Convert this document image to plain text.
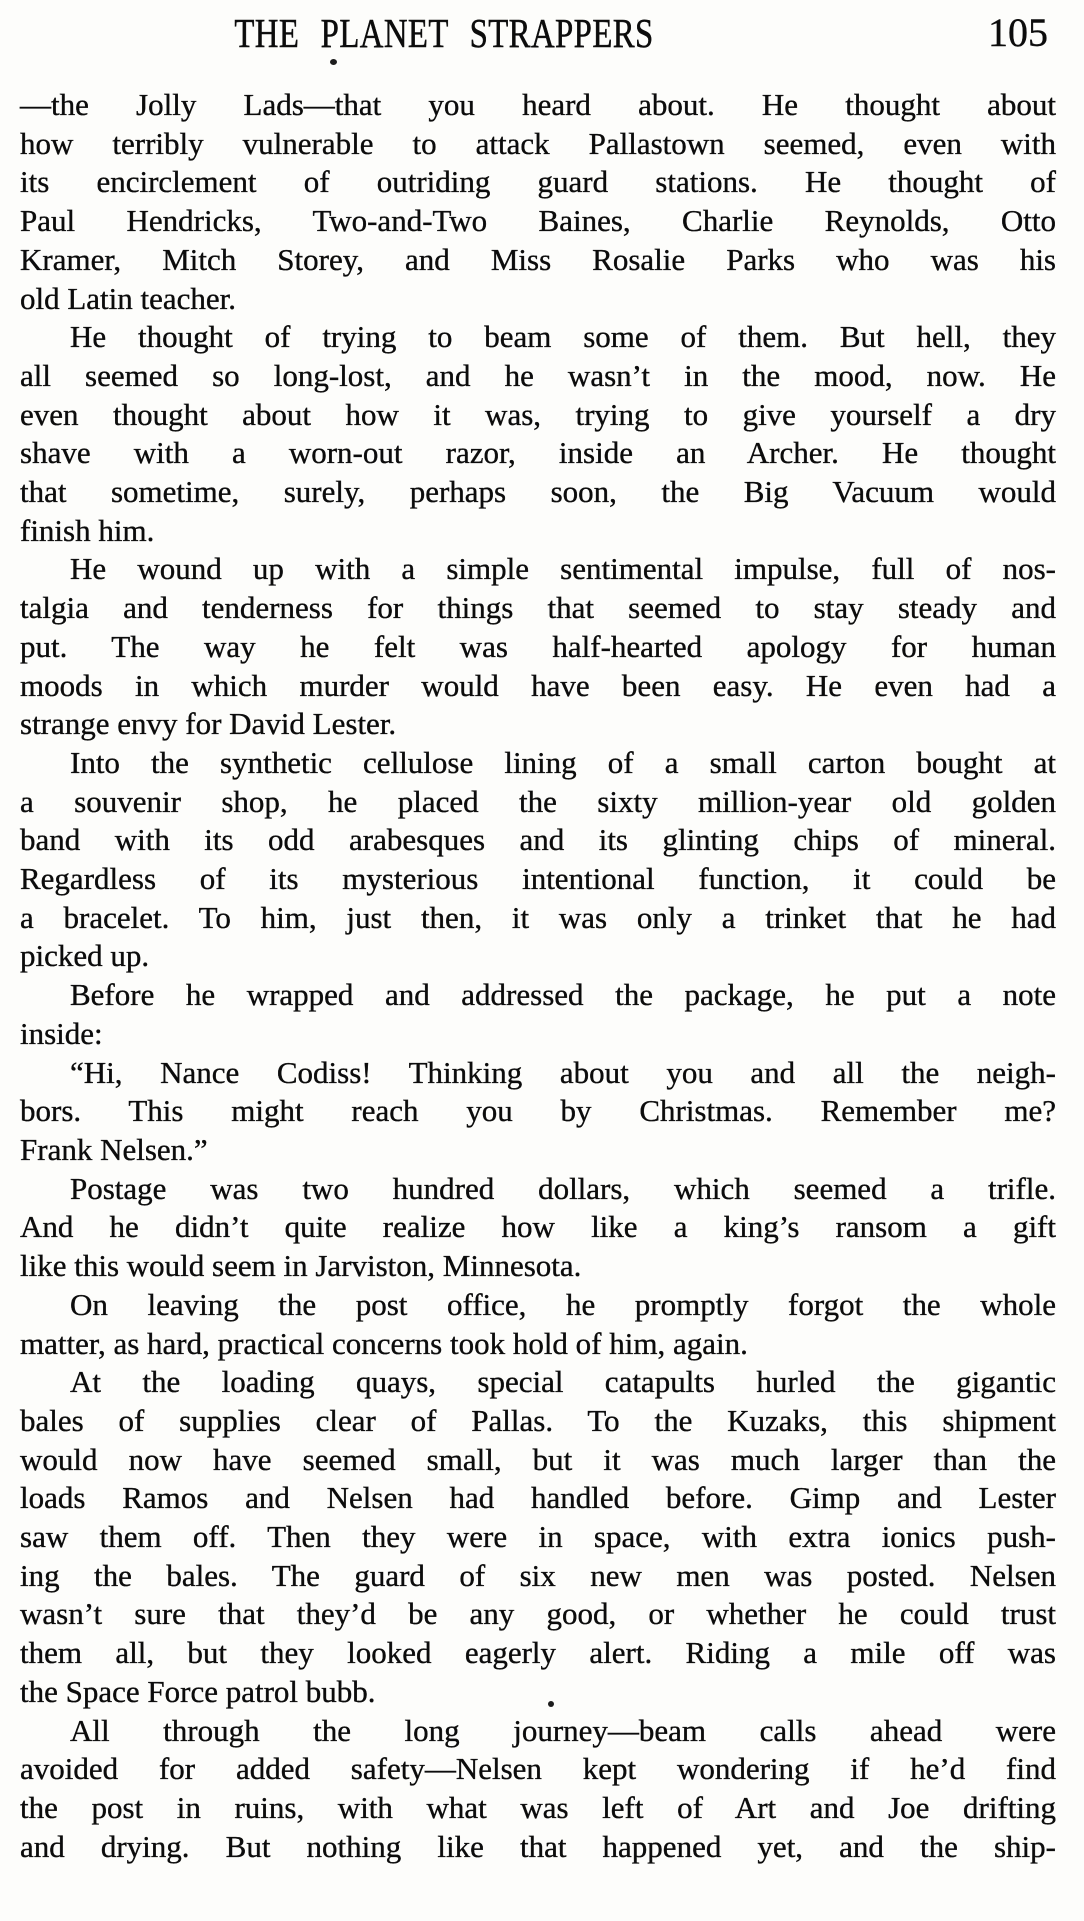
THE PLANET STRAPPERS	105
—the Jolly Lads—that you heard about. He thought about
how terribly vulnerable to attack Pallastown seemed, even with
its encirclement of outriding guard stations. He thought of
Paul Hendricks, Two-and-Two Baines, Charlie Reynolds, Otto
Kramer, Mitch Storey, and Miss Rosalie Parks who was his
old Latin teacher.
He thought of trying to beam some of them. But hell, they
all seemed so long-lost, and he wasn’t in the mood, now. He
even thought about how it was, trying to give yourself a dry
shave with a worn-out razor, inside an Archer. He thought
that sometime, surely, perhaps soon, the Big Vacuum would
finish him.
He wound up with a simple sentimental impulse, full of nos-
talgia and tenderness for things that seemed to stay steady and
put. The way he felt was half-hearted apology for human
moods in which murder would have been easy. He even had a
strange envy for David Lester.
Into the synthetic cellulose lining of a small carton bought at
a souvenir shop, he placed the sixty million-year old golden
band with its odd arabesques and its glinting chips of mineral.
Regardless of its mysterious intentional function, it could be
a bracelet. To him, just then, it was only a trinket that he had
picked up.
Before he wrapped and addressed the package, he put a note
inside:
“Hi, Nance Codiss! Thinking about you and all the neigh-
bors. This might reach you by Christmas. Remember me?
Frank Nelsen.”
Postage was two hundred dollars, which seemed a trifle.
And he didn’t quite realize how like a king’s ransom a gift
like this would seem in Jarviston, Minnesota.
On leaving the post office, he promptly forgot the whole
matter, as hard, practical concerns took hold of him, again.
At the loading quays, special catapults hurled the gigantic
bales of supplies clear of Pallas. To the Kuzaks, this shipment
would now have seemed small, but it was much larger than the
loads Ramos and Nelsen had handled before. Gimp and Lester
saw them off. Then they were in space, with extra ionics push-
ing the bales. The guard of six new men was posted. Nelsen
wasn’t sure that they’d be any good, or whether he could trust
them all, but they looked eagerly alert. Riding a mile off was
the Space Force patrol bubb.
All through the long journey—beam calls ahead were
avoided for added safety—Nelsen kept wondering if he’d find
the post in ruins, with what was left of Art and Joe drifting
and drying. But nothing like that happened yet, and the ship-
